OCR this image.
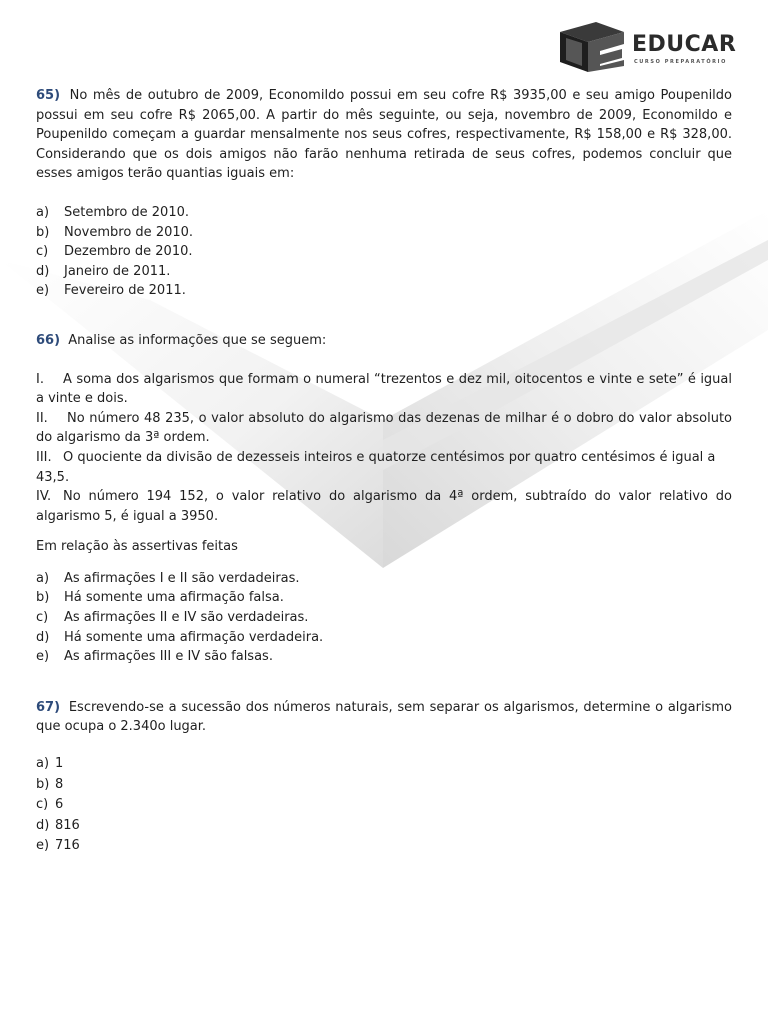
EDUCAR
CURSO PREPARATÓRIO

65) No mês de outubro de 2009, Economildo possui em seu cofre R$ 3935,00 e seu amigo Poupenildo possui em seu cofre R$ 2065,00. A partir do mês seguinte, ou seja, novembro de 2009, Economildo e Poupenildo começam a guardar mensalmente nos seus cofres, respectivamente, R$ 158,00 e R$ 328,00. Considerando que os dois amigos não farão nenhuma retirada de seus cofres, podemos concluir que esses amigos terão quantias iguais em:

a)	Setembro de 2010.
b)	Novembro de 2010.
c)	Dezembro de 2010.
d)	Janeiro de 2011.
e)	Fevereiro de 2011.

66) Analise as informações que se seguem:

I. A soma dos algarismos que formam o numeral “trezentos e dez mil, oitocentos e vinte e sete” é igual a vinte e dois.

II. No número 48 235, o valor absoluto do algarismo das dezenas de milhar é o dobro do valor absoluto do algarismo da 3ª ordem.

III. O quociente da divisão de dezesseis inteiros e quatorze centésimos por quatro centésimos é igual a 43,5.

IV. No número 194 152, o valor relativo do algarismo da 4ª ordem, subtraído do valor relativo do algarismo 5, é igual a 3950.

Em relação às assertivas feitas

a)	As afirmações I e II são verdadeiras.
b)	Há somente uma afirmação falsa.
c)	As afirmações II e IV são verdadeiras.
d)	Há somente uma afirmação verdadeira.
e)	As afirmações III e IV são falsas.

67) Escrevendo-se a sucessão dos números naturais, sem separar os algarismos, determine o algarismo que ocupa o 2.340o lugar.

a) 1
b) 8
c) 6
d) 816
e) 716
